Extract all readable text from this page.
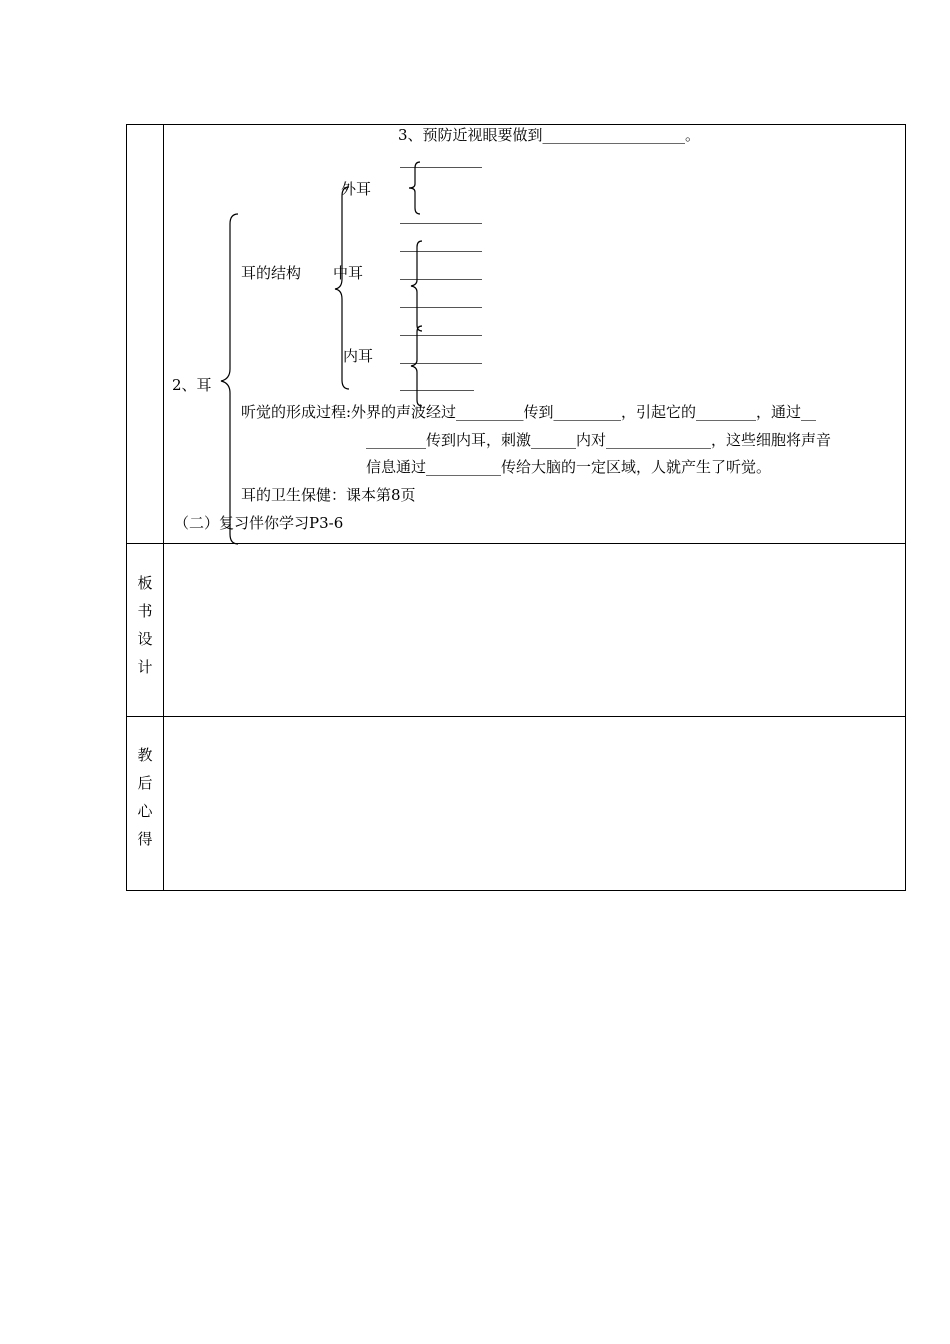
3、预防近视眼要做到___________________。
外耳
耳的结构 中耳
内耳
2、耳
听觉的形成过程:外界的声波经过_________传到_________，引起它的________，通过__
________传到内耳，刺激______内对______________，这些细胞将声音
信息通过__________传给大脑的一定区域，人就产生了听觉。
耳的卫生保健：课本第8页
（二）复习伴你学习P3-6
板
书
设
计
教
后
心
得
